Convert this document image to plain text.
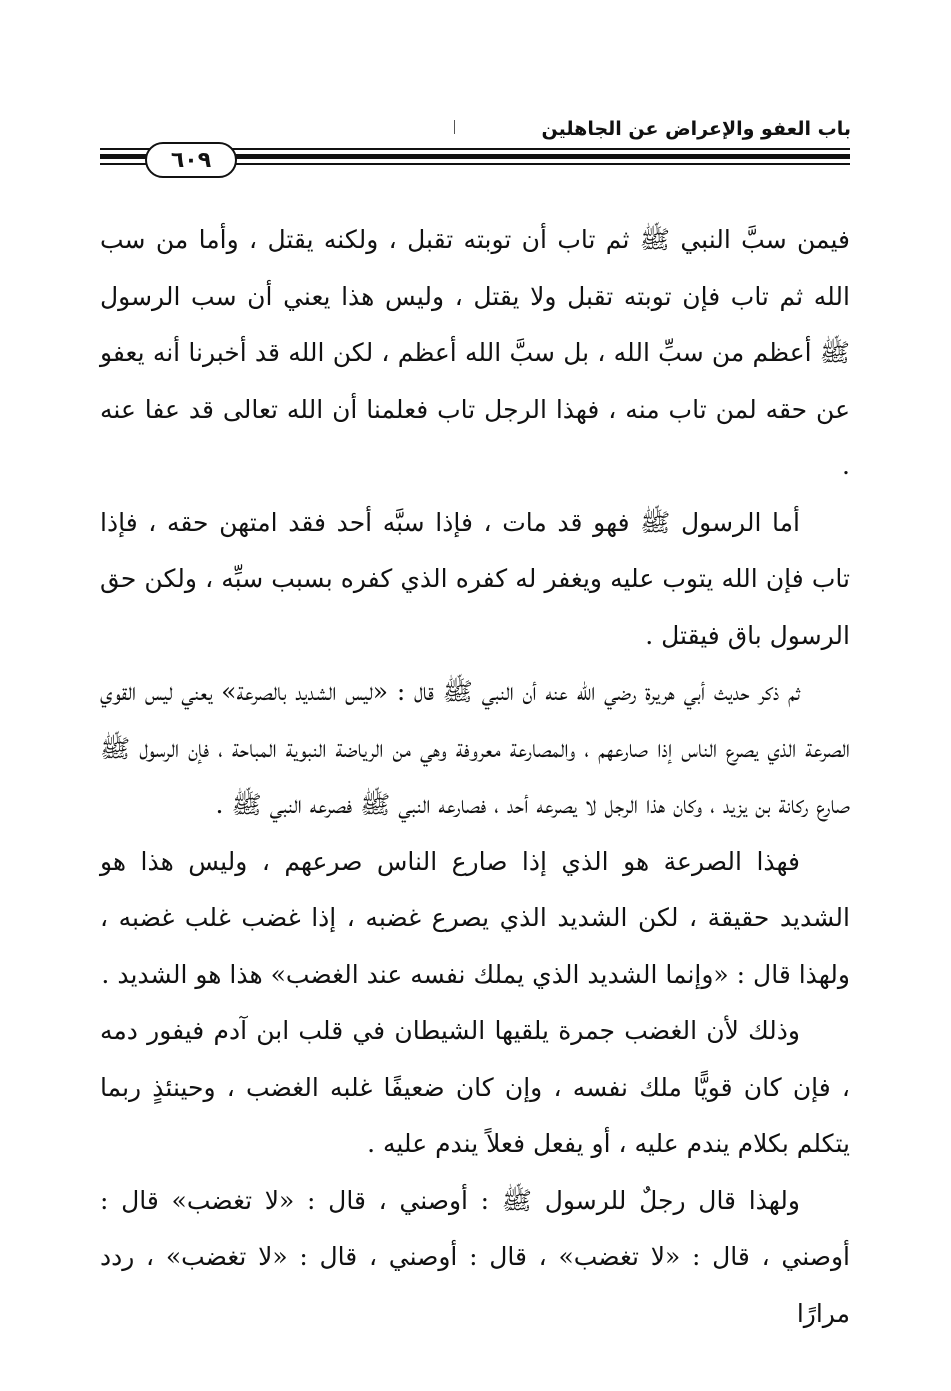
باب العفو والإعراض عن الجاهلين
٦٠٩

فيمن سبَّ النبي ﷺ ثم تاب أن توبته تقبل ، ولكنه يقتل ، وأما من سب الله ثم تاب فإن توبته تقبل ولا يقتل ، وليس هذا يعني أن سب الرسول ﷺ أعظم من سبِّ الله ، بل سبَّ الله أعظم ، لكن الله قد أخبرنا أنه يعفو عن حقه لمن تاب منه ، فهذا الرجل تاب فعلمنا أن الله تعالى قد عفا عنه .

أما الرسول ﷺ فهو قد مات ، فإذا سبَّه أحد فقد امتهن حقه ، فإذا تاب فإن الله يتوب عليه ويغفر له كفره الذي كفره بسبب سبِّه ، ولكن حق الرسول باق فيقتل .

ثم ذكر حديث أبي هريرة رضي الله عنه أن النبي ﷺ قال : «ليس الشديد بالصرعة» يعني ليس القوي الصرعة الذي يصرع الناس إذا صارعهم ، والمصارعة معروفة وهي من الرياضة النبوية المباحة ، فإن الرسول ﷺ صارع ركانة بن يزيد ، وكان هذا الرجل لا يصرعه أحد ، فصارعه النبي ﷺ فصرعه النبي ﷺ .

فهذا الصرعة هو الذي إذا صارع الناس صرعهم ، وليس هذا هو الشديد حقيقة ، لكن الشديد الذي يصرع غضبه ، إذا غضب غلب غضبه ، ولهذا قال : «وإنما الشديد الذي يملك نفسه عند الغضب» هذا هو الشديد .

وذلك لأن الغضب جمرة يلقيها الشيطان في قلب ابن آدم فيفور دمه ، فإن كان قويًّا ملك نفسه ، وإن كان ضعيفًا غلبه الغضب ، وحينئذٍ ربما يتكلم بكلام يندم عليه ، أو يفعل فعلاً يندم عليه .

ولهذا قال رجلٌ للرسول ﷺ : أوصني ، قال : «لا تغضب» قال : أوصني ، قال : «لا تغضب» ، قال : أوصني ، قال : «لا تغضب» ، ردد مرارًا
